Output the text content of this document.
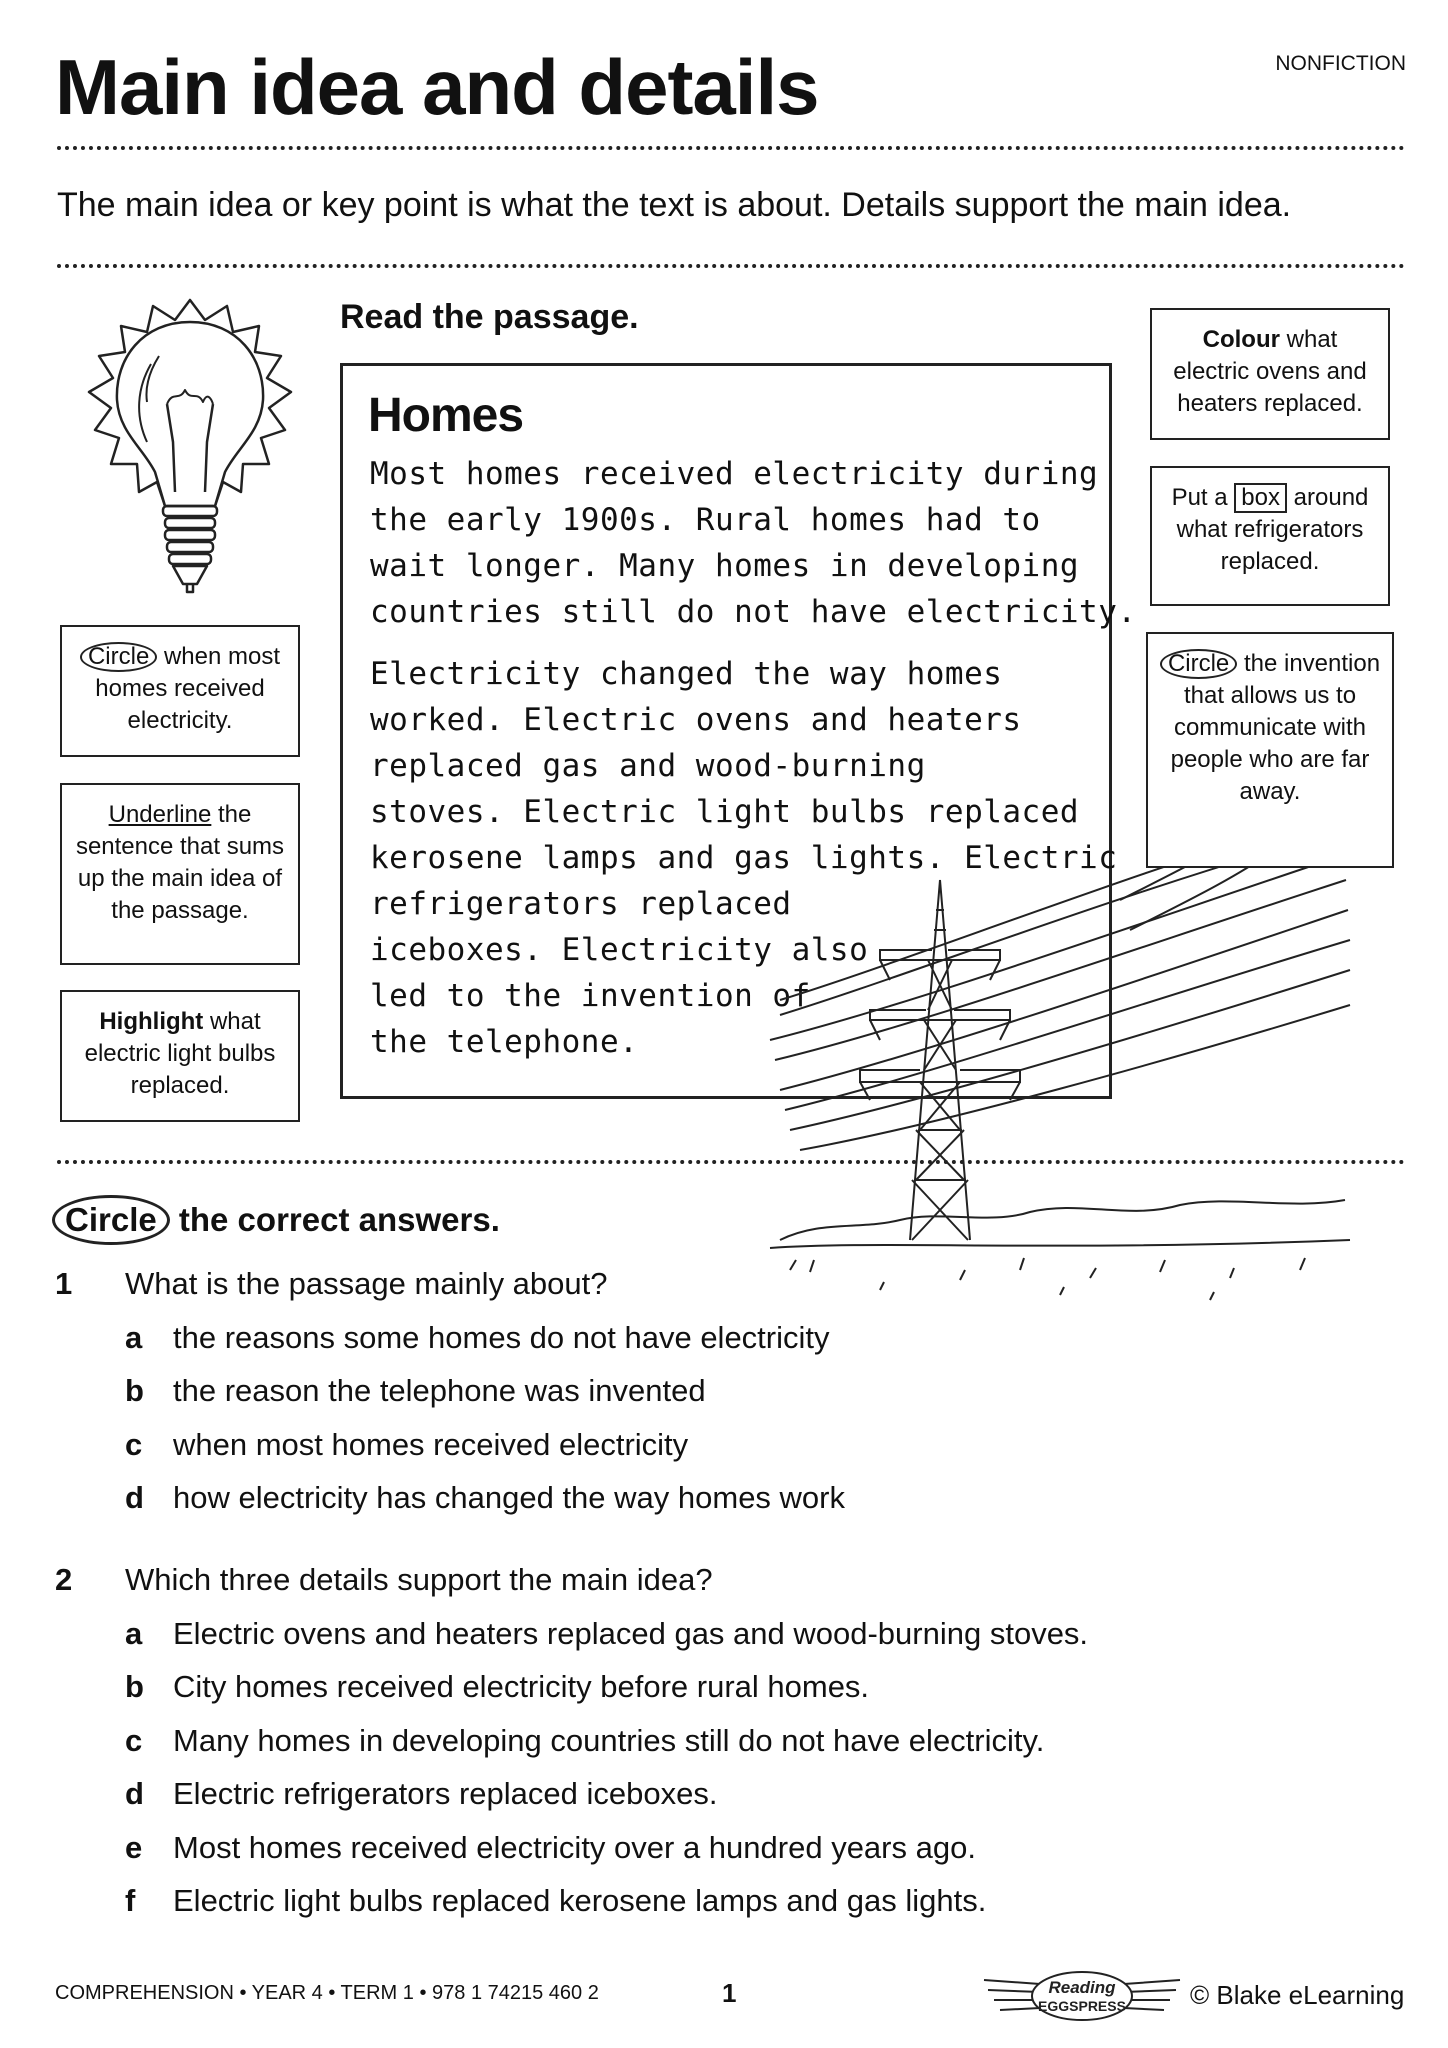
Main idea and details	NONFICTION
The main idea or key point is what the text is about. Details support the main idea.
Circle when most homes received electricity.
Underline the sentence that sums up the main idea of the passage.
Highlight what electric light bulbs replaced.
Read the passage.
Homes
Most homes received electricity during
the early 1900s. Rural homes had to
wait longer. Many homes in developing
countries still do not have electricity.
Electricity changed the way homes
worked. Electric ovens and heaters
replaced gas and wood-burning
stoves. Electric light bulbs replaced
kerosene lamps and gas lights. Electric
refrigerators replaced
iceboxes. Electricity also
led to the invention of
the telephone.
Colour what electric ovens and heaters replaced.
Put a box around what refrigerators replaced.
Circle the invention that allows us to communicate with people who are far away.
Circle the correct answers.
1 What is the passage mainly about?
a the reasons some homes do not have electricity
b the reason the telephone was invented
c when most homes received electricity
d how electricity has changed the way homes work
2 Which three details support the main idea?
a Electric ovens and heaters replaced gas and wood-burning stoves.
b City homes received electricity before rural homes.
c Many homes in developing countries still do not have electricity.
d Electric refrigerators replaced iceboxes.
e Most homes received electricity over a hundred years ago.
f Electric light bulbs replaced kerosene lamps and gas lights.
COMPREHENSION • YEAR 4 • TERM 1 • 978 1 74215 460 2	1	Reading
EGGSPRESS © Blake eLearning
